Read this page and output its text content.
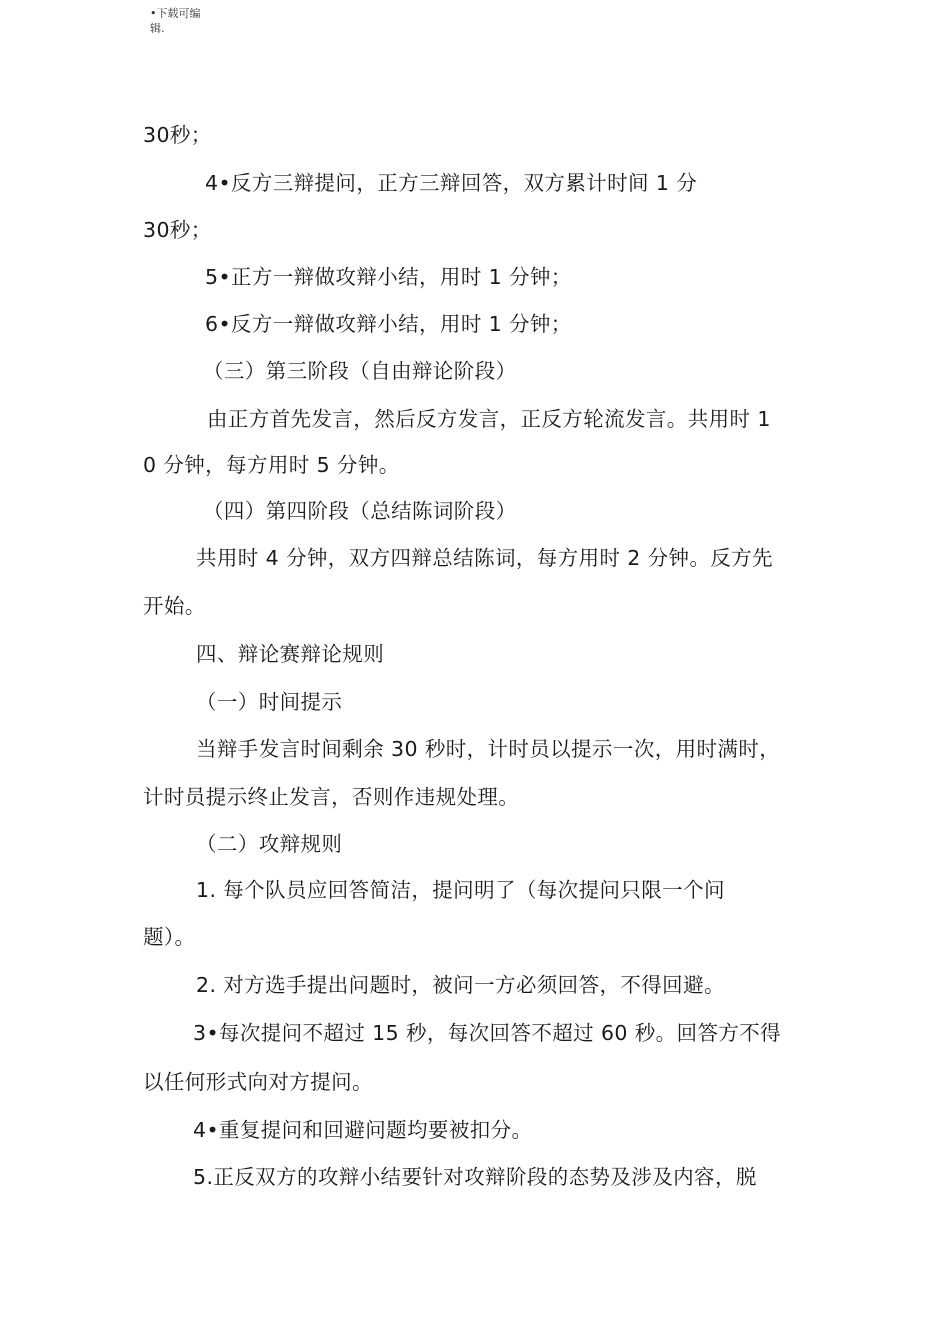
•下载可编
辑.
30秒；
4•反方三辩提问，正方三辩回答，双方累计时间 1 分
30秒；
5•正方一辩做攻辩小结，用时 1 分钟；
6•反方一辩做攻辩小结，用时 1 分钟；
（三）第三阶段（自由辩论阶段）
由正方首先发言，然后反方发言，正反方轮流发言。共用时 1
0 分钟，每方用时 5 分钟。
（四）第四阶段（总结陈词阶段）
共用时 4 分钟，双方四辩总结陈词，每方用时 2 分钟。反方先
开始。
四、辩论赛辩论规则
（一）时间提示
当辩手发言时间剩余 30 秒时，计时员以提示一次，用时满时，
计时员提示终止发言，否则作违规处理。
（二）攻辩规则
1. 每个队员应回答简洁，提问明了（每次提问只限一个问
题）。
2. 对方选手提出问题时，被问一方必须回答，不得回避。
3•每次提问不超过 15 秒，每次回答不超过 60 秒。回答方不得
以任何形式向对方提问。
4•重复提问和回避问题均要被扣分。
5.正反双方的攻辩小结要针对攻辩阶段的态势及涉及内容，脱
